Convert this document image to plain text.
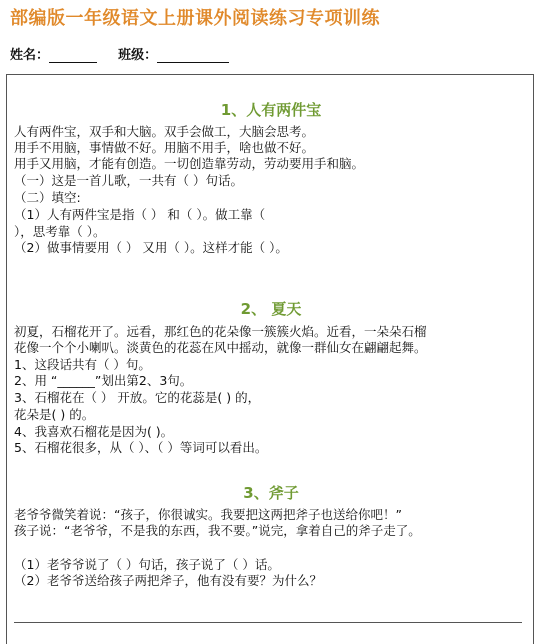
部编版一年级语文上册课外阅读练习专项训练
姓名：	班级：
1、人有两件宝
人有两件宝，双手和大脑。双手会做工，大脑会思考。
用手不用脑，事情做不好。用脑不用手，啥也做不好。
用手又用脑，才能有创造。一切创造靠劳动，劳动要用手和脑。
（一）这是一首儿歌，一共有（ ）句话。
（二）填空:
（1）人有两件宝是指（ ） 和（ ）。做工靠（
），思考靠（ ）。
（2）做事情要用（ ） 又用（ ）。这样才能（ ）。
2、 夏天
初夏，石榴花开了。远看，那红色的花朵像一簇簇火焰。近看，一朵朵石榴
花像一个个小喇叭。淡黄色的花蕊在风中摇动，就像一群仙女在翩翩起舞。
1、这段话共有（ ）句。
2、用 “______”划出第2、3句。
3、石榴花在（ ） 开放。它的花蕊是( ) 的，
花朵是( ) 的。
4、我喜欢石榴花是因为( )。
5、石榴花很多，从（ ）、（ ）等词可以看出。
3、斧子
老爷爷微笑着说：“孩子，你很诚实。我要把这两把斧子也送给你吧！”
孩子说：“老爷爷，不是我的东西，我不要。”说完，拿着自己的斧子走了。
（1）老爷爷说了（ ）句话，孩子说了（ ）话。
（2）老爷爷送给孩子两把斧子，他有没有要？为什么？
